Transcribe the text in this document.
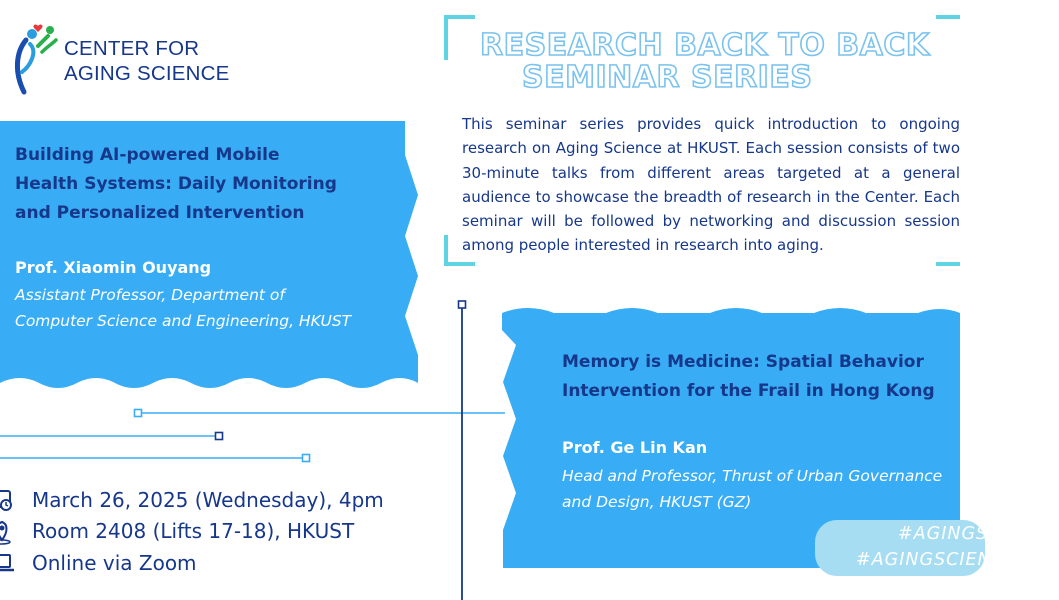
CENTER FOR
AGING SCIENCE
RESEARCH BACK TO BACK
SEMINAR SERIES
This seminar series provides quick introduction to ongoing research on Aging Science at HKUST. Each session consists of two 30-minute talks from different areas targeted at a general audience to showcase the breadth of research in the Center. Each seminar will be followed by networking and discussion session among people interested in research into aging.
Building AI-powered Mobile
Health Systems: Daily Monitoring
and Personalized Intervention
Prof. Xiaomin Ouyang
Assistant Professor, Department of
Computer Science and Engineering, HKUST
Memory is Medicine: Spatial Behavior
Intervention for the Frail in Hong Kong
Prof. Ge Lin Kan
Head and Professor, Thrust of Urban Governance
and Design, HKUST (GZ)
#AGINGSCIENCE
#AGINGSCIENCE
March 26, 2025 (Wednesday), 4pm
Room 2408 (Lifts 17-18), HKUST
Online via Zoom
